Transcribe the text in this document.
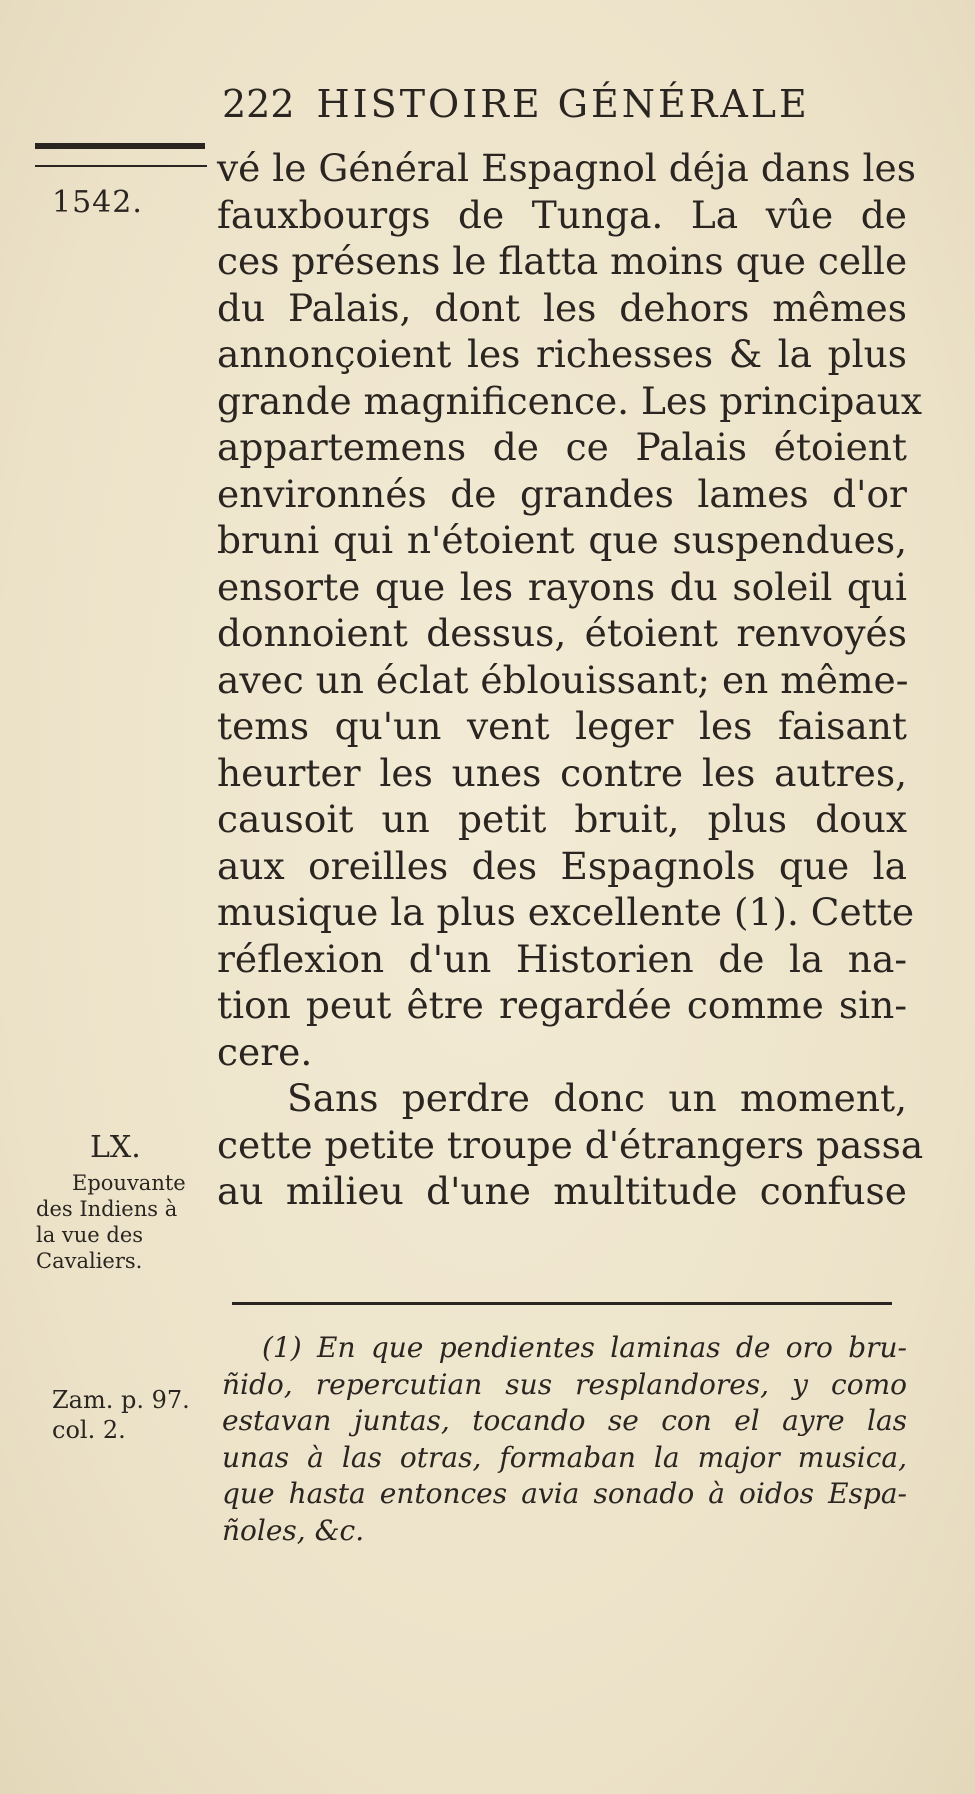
222 HISTOIRE GÉNÉRALE
1542.
vé le Général Espagnol déja dans les
fauxbourgs de Tunga. La vûe de
ces présens le flatta moins que celle
du Palais, dont les dehors mêmes
annonçoient les richesses & la plus
grande magnificence. Les principaux
appartemens de ce Palais étoient
environnés de grandes lames d'or
bruni qui n'étoient que suspendues,
ensorte que les rayons du soleil qui
donnoient dessus, étoient renvoyés
avec un éclat éblouissant; en même-
tems qu'un vent leger les faisant
heurter les unes contre les autres,
causoit un petit bruit, plus doux
aux oreilles des Espagnols que la
musique la plus excellente (1). Cette
réflexion d'un Historien de la na-
tion peut être regardée comme sin-
cere.
Sans perdre donc un moment,
cette petite troupe d'étrangers passa
au milieu d'une multitude confuse
LX.
Epouvante
des Indiens à
la vue des
Cavaliers.
(1) En que pendientes laminas de oro bru-
ñido, repercutian sus resplandores, y como
estavan juntas, tocando se con el ayre las
unas à las otras, formaban la major musica,
que hasta entonces avia sonado à oidos Espa-
ñoles, &c.
Zam. p. 97.
col. 2.
